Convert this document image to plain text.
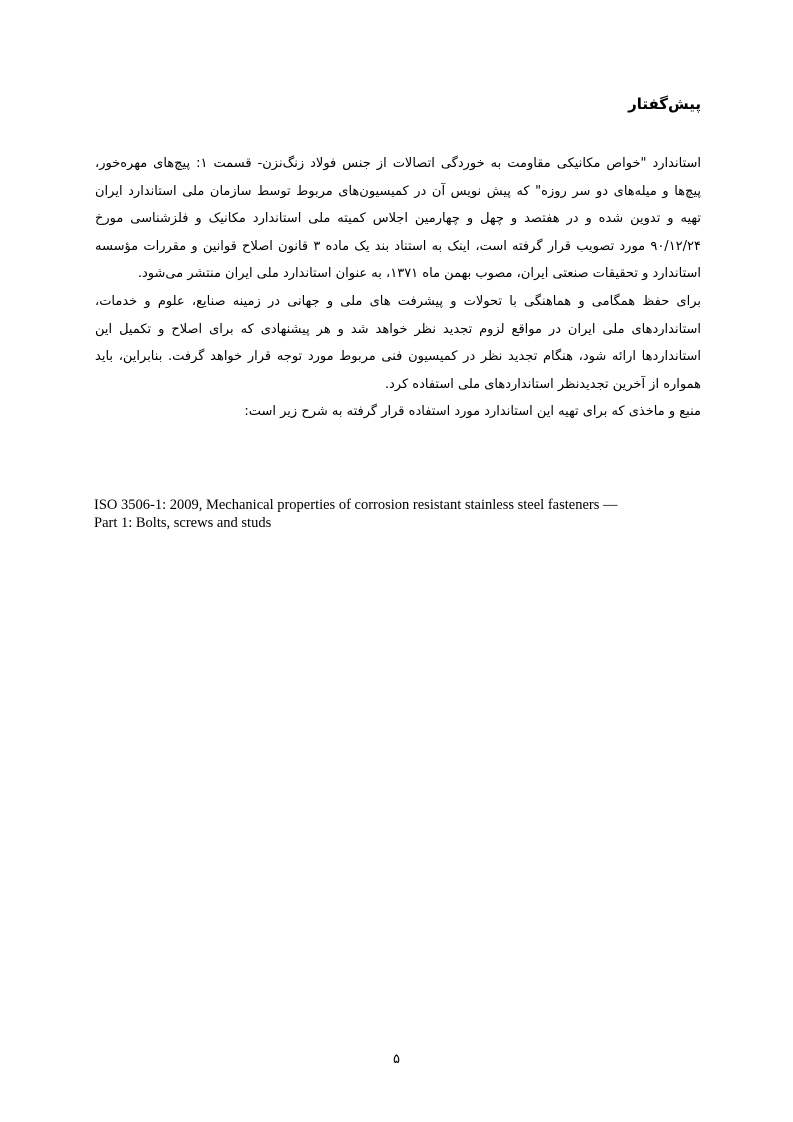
پیش‌گفتار

استاندارد "خواص مکانیکی مقاومت به خوردگی اتصالات از جنس فولاد زنگ‌نزن- قسمت ۱: پیچ‌های مهره‌خور، پیچ‌ها و میله‌های دو سر روزه" که پیش نویس آن در کمیسیون‌های مربوط توسط سازمان ملی استاندارد ایران تهیه و تدوین شده و در هفتصد و چهل و چهارمین اجلاس کمیته ملی استاندارد مکانیک و فلزشناسی مورخ ۹۰/۱۲/۲۴ مورد تصویب قرار گرفته است، اینک به استناد بند یک ماده ۳ قانون اصلاح قوانین و مقررات مؤسسه استاندارد و تحقیقات صنعتی ایران، مصوب بهمن ماه ۱۳۷۱، به عنوان استاندارد ملی ایران منتشر می‌شود.

برای حفظ همگامی و هماهنگی با تحولات و پیشرفت های ملی و جهانی در زمینه صنایع، علوم و خدمات، استانداردهای ملی ایران در مواقع لزوم تجدید نظر خواهد شد و هر پیشنهادی که برای اصلاح و تکمیل این استانداردها ارائه شود، هنگام تجدید نظر در کمیسیون فنی مربوط مورد توجه قرار خواهد گرفت. بنابراین، باید همواره از آخرین تجدیدنظر استانداردهای ملی استفاده کرد.

منبع و ماخذی که برای تهیه این استاندارد مورد استفاده قرار گرفته به شرح زیر است:

ISO 3506-1: 2009, Mechanical properties of corrosion resistant stainless steel fasteners —
Part 1: Bolts, screws and studs
۵
